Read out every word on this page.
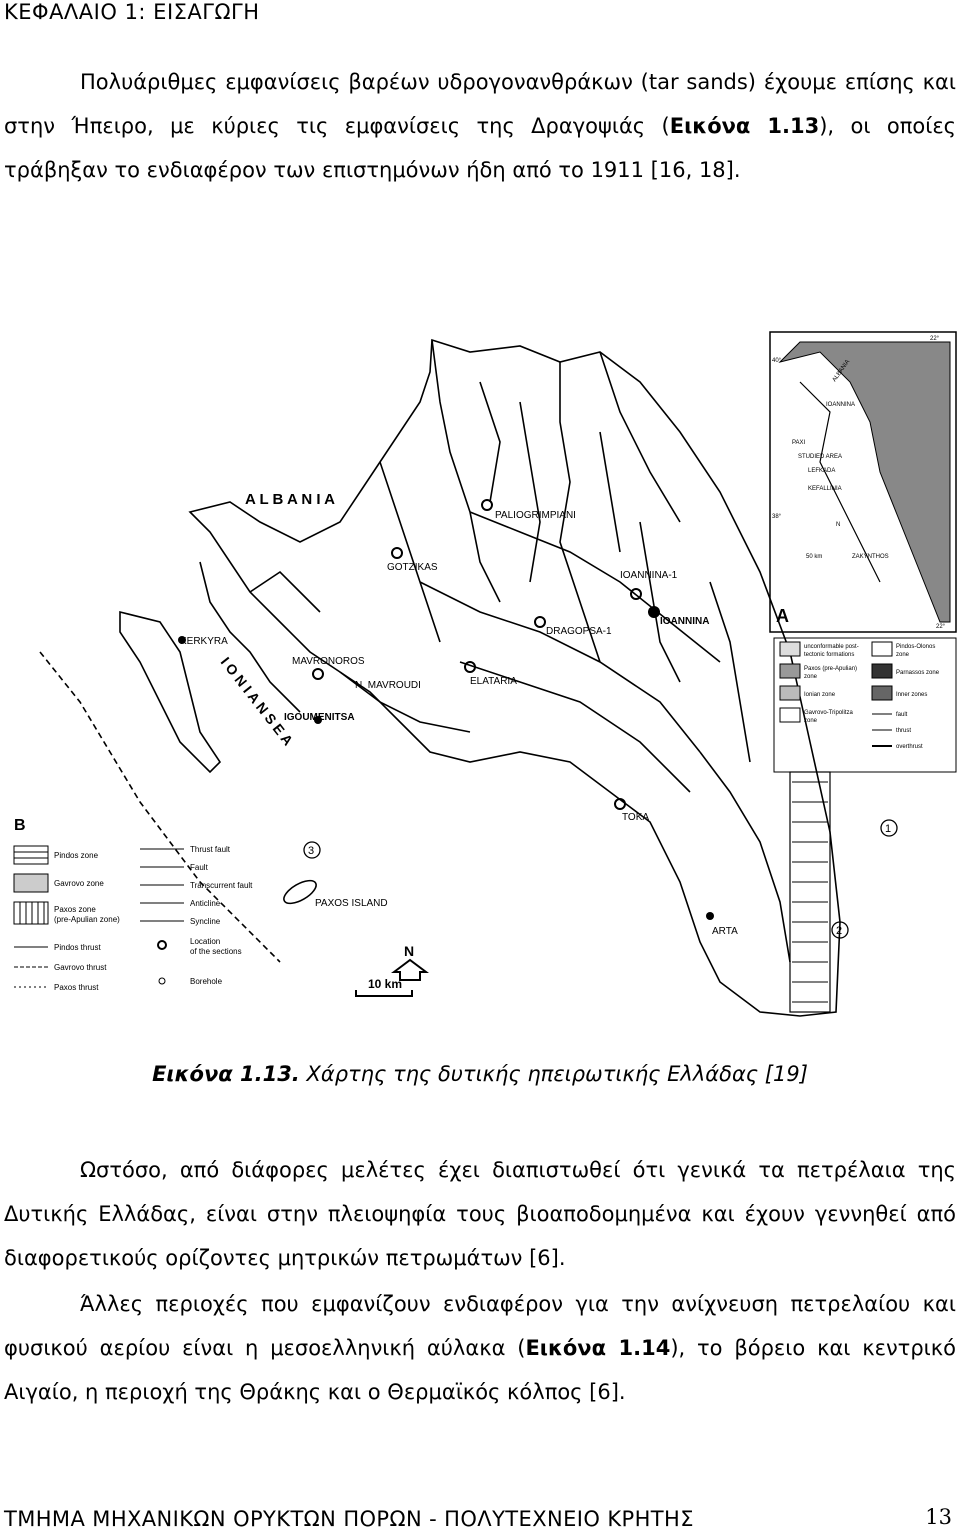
ΚΕΦΑΛΑΙΟ 1: ΕΙΣΑΓΩΓΗ
Πολυάριθμες εμφανίσεις βαρέων υδρογονανθράκων (tar sands) έχουμε επίσης και στην Ήπειρο, με κύριες τις εμφανίσεις της Δραγοψιάς (Εικόνα 1.13), οι οποίες τράβηξαν το ενδιαφέρον των επιστημόνων ήδη από το 1911 [16, 18].
A L B A N I A
I O N I A N S E A
KERKYRA
GOTZIKAS
PALIOGRIMPIANI
IOANNINA-1
IOANNINA
DRAGOPSA-1
ELATARIA
MAVRONOROS
N. MAVROUDI
IGOUMENITSA
TOKA
ARTA
PAXOS ISLAND
B
A
3
1
2
N
10 km
Pindos zone
Gavrovo zone
Paxos zone
(pre-Apulian zone)
Pindos thrust
Gavrovo thrust
Paxos thrust
Thrust fault
Fault
Transcurrent fault
Anticline
Syncline
Location
of the sections
Borehole
40°
22°
ALBANIA
PAXI
IOANNINA
STUDIED AREA
LEFKADA
KEFALLINIA
38°
N
50 km	ZAKYNTHOS
22°
unconformable post-
tectonic formations
Pindos-Olonos
zone
Paxos (pre-Apulian)
zone
Parnassos zone
Ionian zone	Inner zones
Gavrovo-Tripolitza
zone
fault
thrust
overthrust
Εικόνα 1.13. Χάρτης της δυτικής ηπειρωτικής Ελλάδας [19]
Ωστόσο, από διάφορες μελέτες έχει διαπιστωθεί ότι γενικά τα πετρέλαια της Δυτικής Ελλάδας, είναι στην πλειοψηφία τους βιοαποδομημένα και έχουν γεννηθεί από διαφορετικούς ορίζοντες μητρικών πετρωμάτων [6].
Άλλες περιοχές που εμφανίζουν ενδιαφέρον για την ανίχνευση πετρελαίου και φυσικού αερίου είναι η μεσοελληνική αύλακα (Εικόνα 1.14), το βόρειο και κεντρικό Αιγαίο, η περιοχή της Θράκης και ο Θερμαϊκός κόλπος [6].
ΤΜΗΜΑ ΜΗΧΑΝΙΚΩΝ ΟΡΥΚΤΩΝ ΠΟΡΩΝ - ΠΟΛΥΤΕΧΝΕΙΟ ΚΡΗΤΗΣ	13
